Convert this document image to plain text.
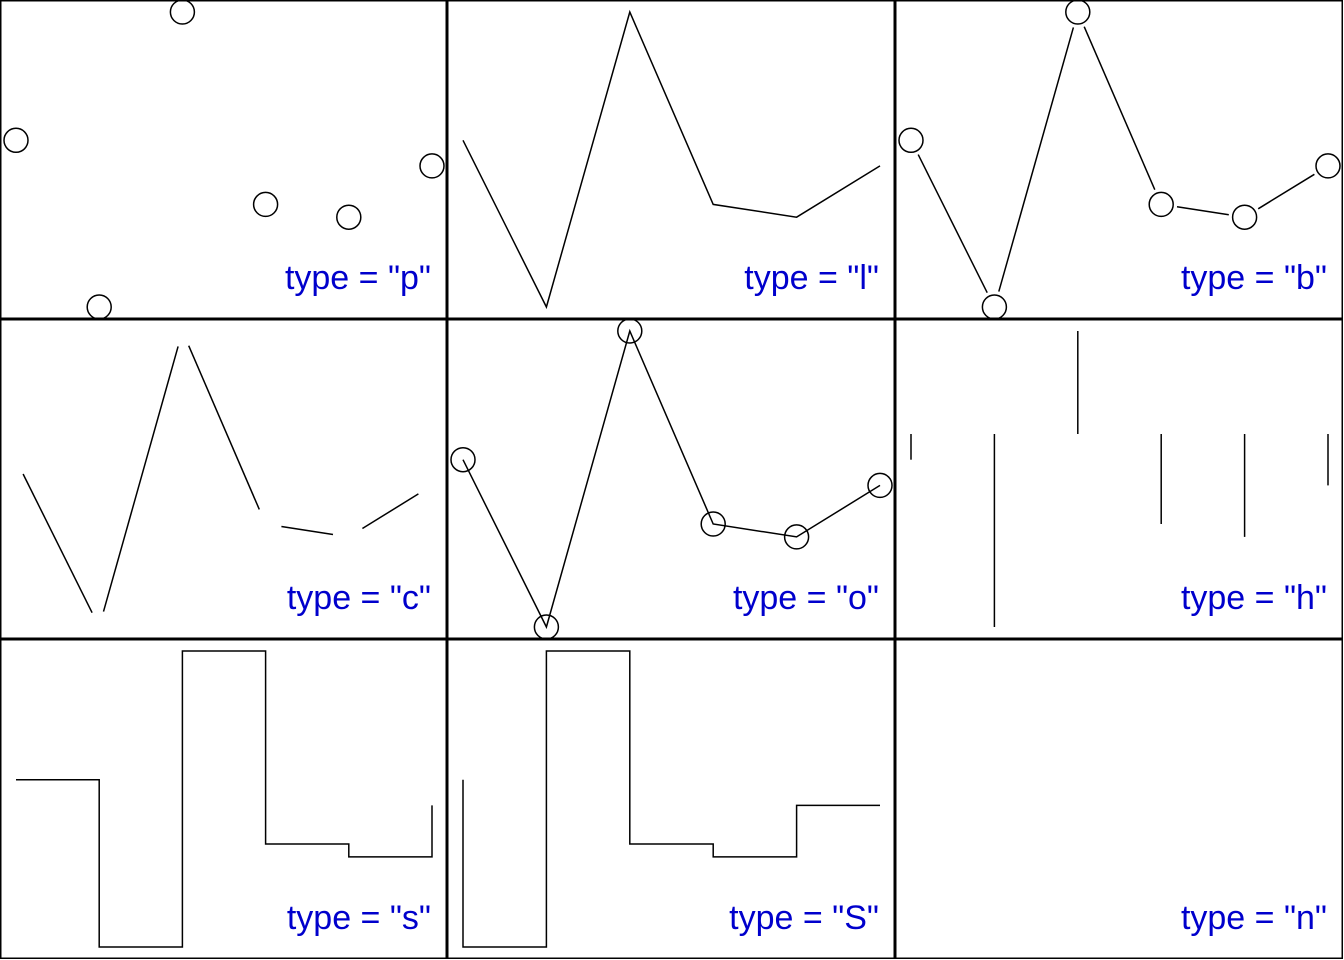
type = "p"	type = "l"	type = "b"
type = "c"	type = "o"	type = "h"
type = "s"	type = "S"	type = "n"
